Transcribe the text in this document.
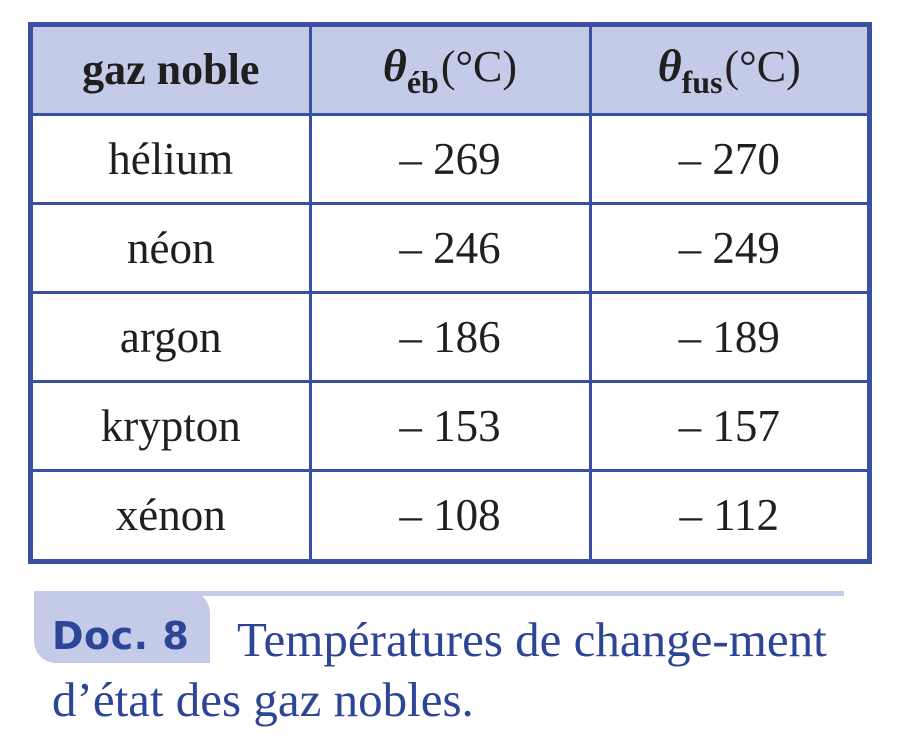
gaz noble	$\theta_{éb}(^\circ C)$	$\theta_{fus}(^\circ C)$
hélium	– 269	– 270
néon	– 246	– 249
argon	– 186	– 189
krypton	– 153	– 157
xénon	– 108	– 112
Doc. 8 Températures de change-ment d’état des gaz nobles.
